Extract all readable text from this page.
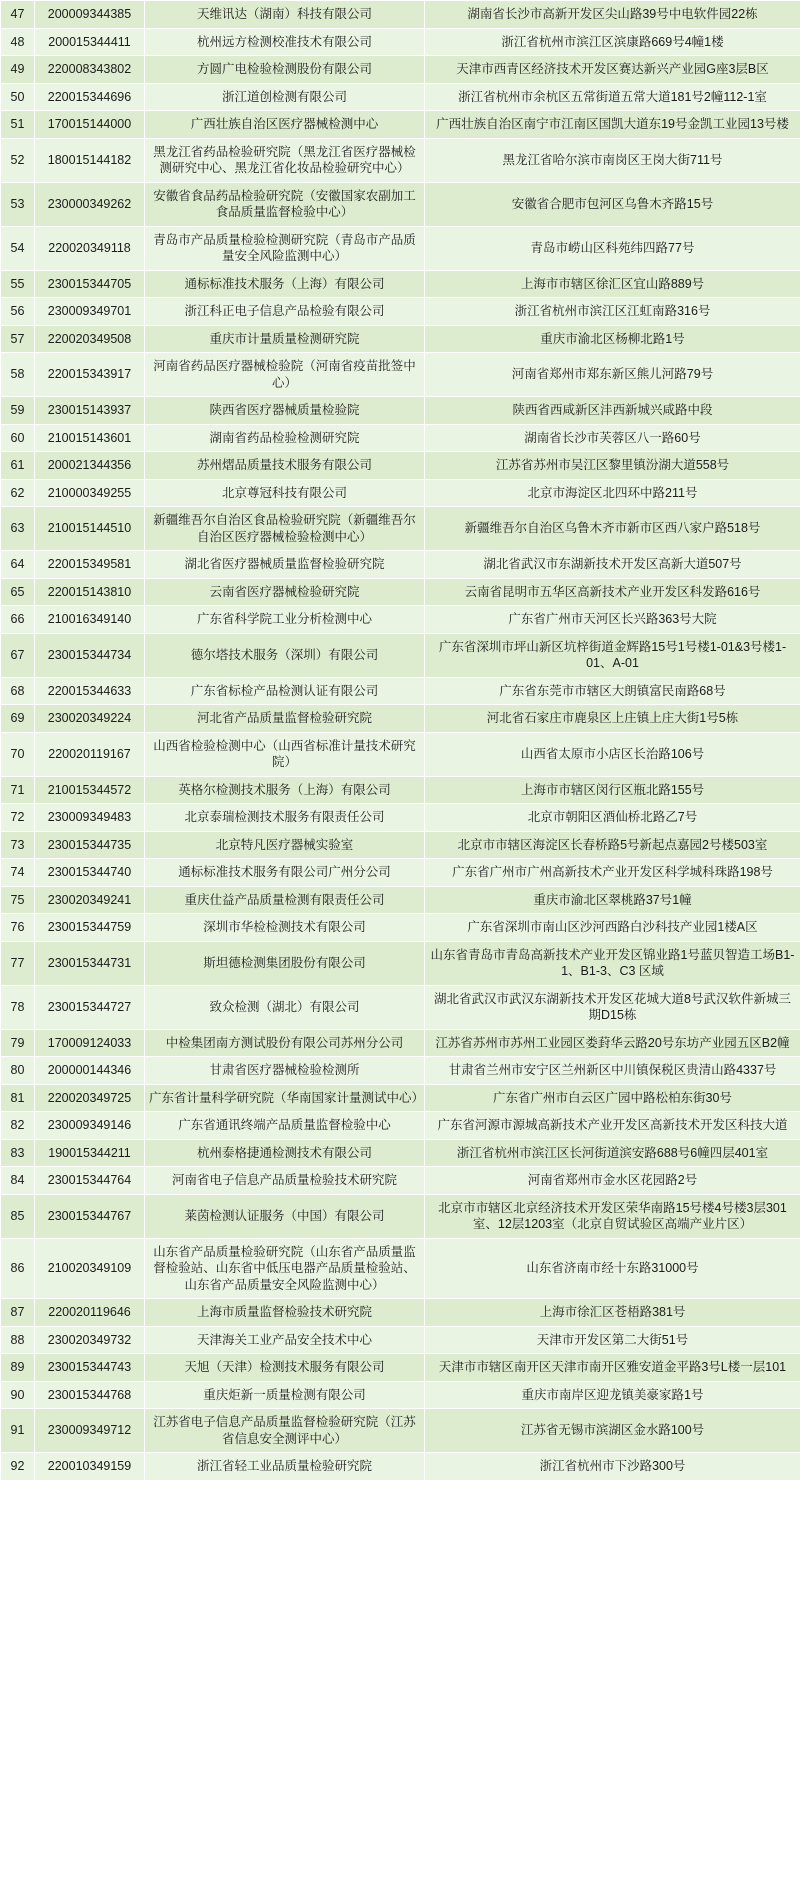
47	200009344385	天维讯达（湖南）科技有限公司	湖南省长沙市高新开发区尖山路39号中电软件园22栋
48	200015344411	杭州远方检测校准技术有限公司	浙江省杭州市滨江区滨康路669号4幢1楼
49	220008343802	方圆广电检验检测股份有限公司	天津市西青区经济技术开发区赛达新兴产业园G座3层B区
50	220015344696	浙江道创检测有限公司	浙江省杭州市余杭区五常街道五常大道181号2幢112-1室
51	170015144000	广西壮族自治区医疗器械检测中心	广西壮族自治区南宁市江南区国凯大道东19号金凯工业园13号楼
52	180015144182	黑龙江省药品检验研究院（黑龙江省医疗器械检测研究中心、黑龙江省化妆品检验研究中心）	黑龙江省哈尔滨市南岗区王岗大街711号
53	230000349262	安徽省食品药品检验研究院（安徽国家农副加工食品质量监督检验中心）	安徽省合肥市包河区乌鲁木齐路15号
54	220020349118	青岛市产品质量检验检测研究院（青岛市产品质量安全风险监测中心）	青岛市崂山区科苑纬四路77号
55	230015344705	通标标准技术服务（上海）有限公司	上海市市辖区徐汇区宜山路889号
56	230009349701	浙江科正电子信息产品检验有限公司	浙江省杭州市滨江区江虹南路316号
57	220020349508	重庆市计量质量检测研究院	重庆市渝北区杨柳北路1号
58	220015343917	河南省药品医疗器械检验院（河南省疫苗批签中心）	河南省郑州市郑东新区熊儿河路79号
59	230015143937	陕西省医疗器械质量检验院	陕西省西咸新区沣西新城兴咸路中段
60	210015143601	湖南省药品检验检测研究院	湖南省长沙市芙蓉区八一路60号
61	200021344356	苏州熠品质量技术服务有限公司	江苏省苏州市吴江区黎里镇汾湖大道558号
62	210000349255	北京尊冠科技有限公司	北京市海淀区北四环中路211号
63	210015144510	新疆维吾尔自治区食品检验研究院（新疆维吾尔自治区医疗器械检验检测中心）	新疆维吾尔自治区乌鲁木齐市新市区西八家户路518号
64	220015349581	湖北省医疗器械质量监督检验研究院	湖北省武汉市东湖新技术开发区高新大道507号
65	220015143810	云南省医疗器械检验研究院	云南省昆明市五华区高新技术产业开发区科发路616号
66	210016349140	广东省科学院工业分析检测中心	广东省广州市天河区长兴路363号大院
67	230015344734	德尔塔技术服务（深圳）有限公司	广东省深圳市坪山新区坑梓街道金辉路15号1号楼1-01&3号楼1-01、A-01
68	220015344633	广东省标检产品检测认证有限公司	广东省东莞市市辖区大朗镇富民南路68号
69	230020349224	河北省产品质量监督检验研究院	河北省石家庄市鹿泉区上庄镇上庄大街1号5栋
70	220020119167	山西省检验检测中心（山西省标准计量技术研究院）	山西省太原市小店区长治路106号
71	210015344572	英格尔检测技术服务（上海）有限公司	上海市市辖区闵行区瓶北路155号
72	230009349483	北京泰瑞检测技术服务有限责任公司	北京市朝阳区酒仙桥北路乙7号
73	230015344735	北京特凡医疗器械实验室	北京市市辖区海淀区长春桥路5号新起点嘉园2号楼503室
74	230015344740	通标标准技术服务有限公司广州分公司	广东省广州市广州高新技术产业开发区科学城科珠路198号
75	230020349241	重庆仕益产品质量检测有限责任公司	重庆市渝北区翠桃路37号1幢
76	230015344759	深圳市华检检测技术有限公司	广东省深圳市南山区沙河西路白沙科技产业园1楼A区
77	230015344731	斯坦德检测集团股份有限公司	山东省青岛市青岛高新技术产业开发区锦业路1号蓝贝智造工场B1-1、B1-3、C3 区域
78	230015344727	致众检测（湖北）有限公司	湖北省武汉市武汉东湖新技术开发区花城大道8号武汉软件新城三期D15栋
79	170009124033	中检集团南方测试股份有限公司苏州分公司	江苏省苏州市苏州工业园区娄葑华云路20号东坊产业园五区B2幢
80	200000144346	甘肃省医疗器械检验检测所	甘肃省兰州市安宁区兰州新区中川镇保税区贵清山路4337号
81	220020349725	广东省计量科学研究院（华南国家计量测试中心）	广东省广州市白云区广园中路松柏东街30号
82	230009349146	广东省通讯终端产品质量监督检验中心	广东省河源市源城高新技术产业开发区高新技术开发区科技大道
83	190015344211	杭州泰格捷通检测技术有限公司	浙江省杭州市滨江区长河街道滨安路688号6幢四层401室
84	230015344764	河南省电子信息产品质量检验技术研究院	河南省郑州市金水区花园路2号
85	230015344767	莱茵检测认证服务（中国）有限公司	北京市市辖区北京经济技术开发区荣华南路15号楼4号楼3层301室、12层1203室（北京自贸试验区高端产业片区）
86	210020349109	山东省产品质量检验研究院（山东省产品质量监督检验站、山东省中低压电器产品质量检验站、山东省产品质量安全风险监测中心）	山东省济南市经十东路31000号
87	220020119646	上海市质量监督检验技术研究院	上海市徐汇区苍梧路381号
88	230020349732	天津海关工业产品安全技术中心	天津市开发区第二大街51号
89	230015344743	天旭（天津）检测技术服务有限公司	天津市市辖区南开区天津市南开区雅安道金平路3号L楼一层101
90	230015344768	重庆炬新一质量检测有限公司	重庆市南岸区迎龙镇美豪家路1号
91	230009349712	江苏省电子信息产品质量监督检验研究院（江苏省信息安全测评中心）	江苏省无锡市滨湖区金水路100号
92	220010349159	浙江省轻工业品质量检验研究院	浙江省杭州市下沙路300号
